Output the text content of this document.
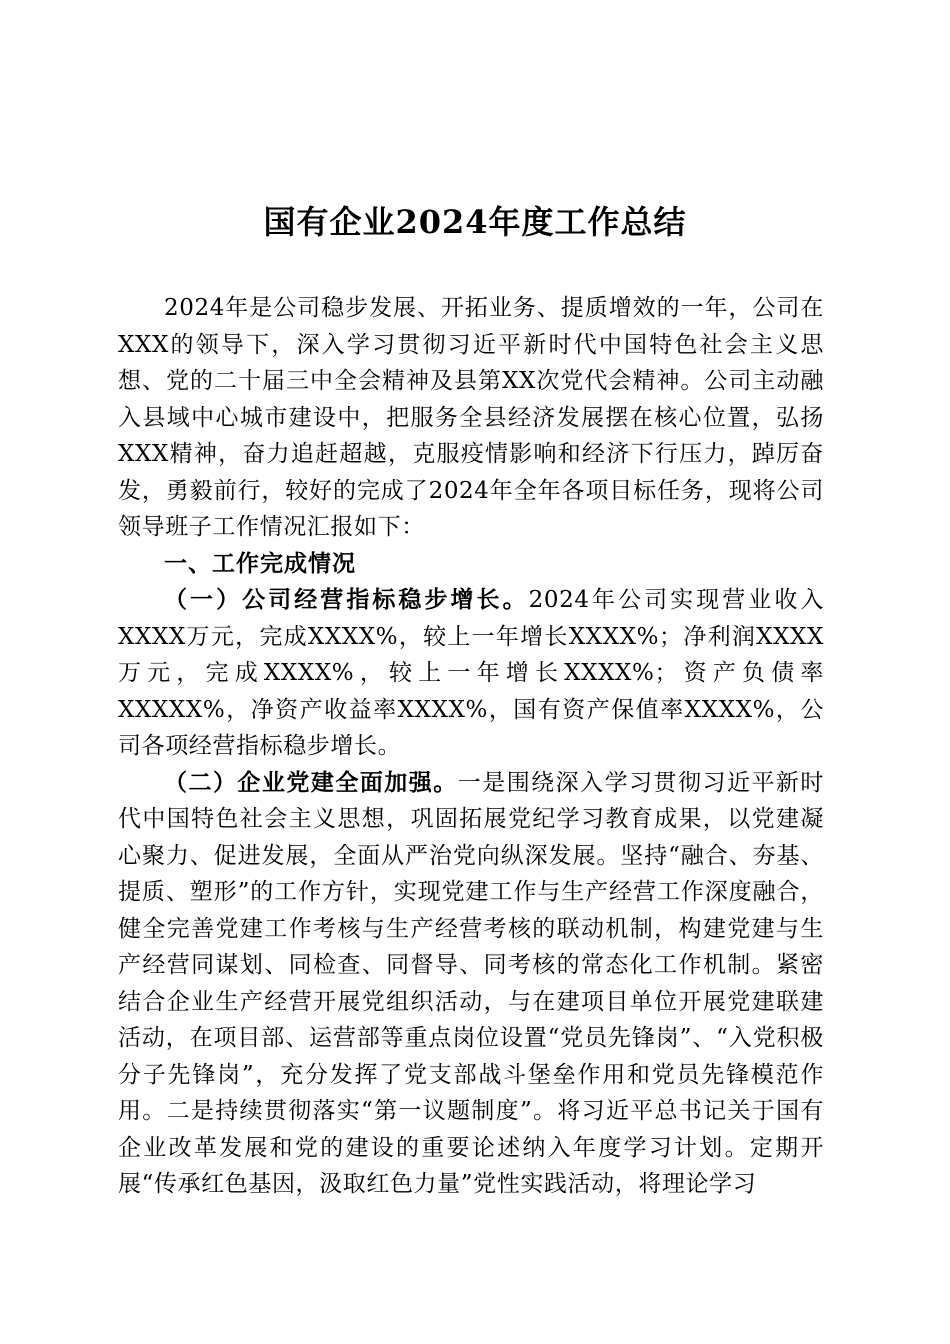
国有企业2024年度工作总结

2024年是公司稳步发展、开拓业务、提质增效的一年，公司在XXX的领导下，深入学习贯彻习近平新时代中国特色社会主义思想、党的二十届三中全会精神及县第XX次党代会精神。公司主动融入县域中心城市建设中，把服务全县经济发展摆在核心位置，弘扬XXX精神，奋力追赶超越，克服疫情影响和经济下行压力，踔厉奋发，勇毅前行，较好的完成了2024年全年各项目标任务，现将公司领导班子工作情况汇报如下：

一、工作完成情况

（一）公司经营指标稳步增长。2024年公司实现营业收入XXXX万元，完成XXXX%，较上一年增长XXXX%；净利润XXXX万元，完成XXXX%，较上一年增长XXXX%；资产负债率XXXXX%，净资产收益率XXXX%，国有资产保值率XXXX%，公司各项经营指标稳步增长。

（二）企业党建全面加强。一是围绕深入学习贯彻习近平新时代中国特色社会主义思想，巩固拓展党纪学习教育成果，以党建凝心聚力、促进发展，全面从严治党向纵深发展。坚持“融合、夯基、提质、塑形”的工作方针，实现党建工作与生产经营工作深度融合，健全完善党建工作考核与生产经营考核的联动机制，构建党建与生产经营同谋划、同检查、同督导、同考核的常态化工作机制。紧密结合企业生产经营开展党组织活动，与在建项目单位开展党建联建活动，在项目部、运营部等重点岗位设置“党员先锋岗”、“入党积极分子先锋岗”，充分发挥了党支部战斗堡垒作用和党员先锋模范作用。二是持续贯彻落实“第一议题制度”。将习近平总书记关于国有企业改革发展和党的建设的重要论述纳入年度学习计划。定期开展“传承红色基因，汲取红色力量”党性实践活动，将理论学习
